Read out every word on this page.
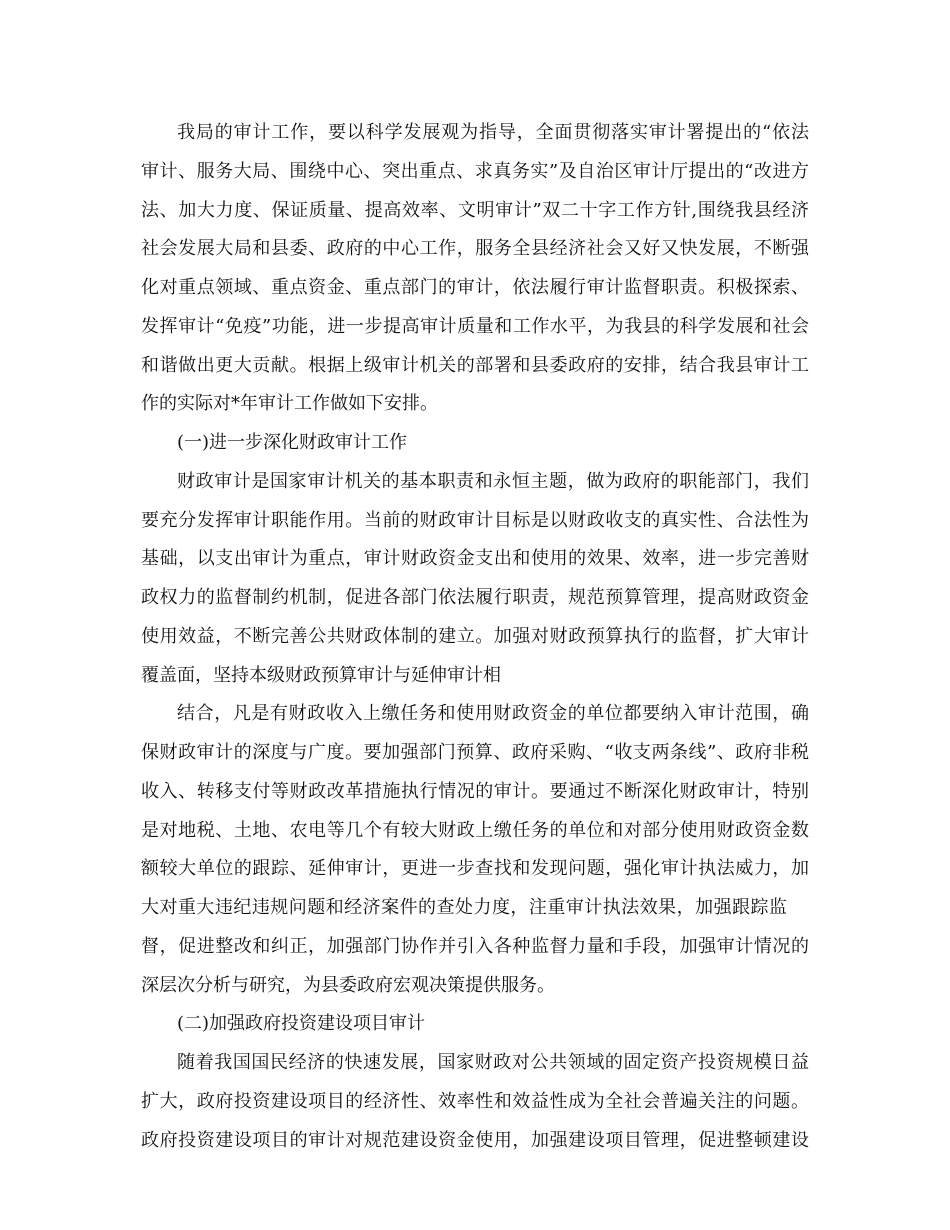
我局的审计工作，要以科学发展观为指导，全面贯彻落实审计署提出的“依法
审计、服务大局、围绕中心、突出重点、求真务实”及自治区审计厅提出的“改进方
法、加大力度、保证质量、提高效率、文明审计”双二十字工作方针,围绕我县经济
社会发展大局和县委、政府的中心工作，服务全县经济社会又好又快发展，不断强
化对重点领域、重点资金、重点部门的审计，依法履行审计监督职责。积极探索、
发挥审计“免疫”功能，进一步提高审计质量和工作水平，为我县的科学发展和社会
和谐做出更大贡献。根据上级审计机关的部署和县委政府的安排，结合我县审计工
作的实际对*年审计工作做如下安排。
(一)进一步深化财政审计工作
财政审计是国家审计机关的基本职责和永恒主题，做为政府的职能部门，我们
要充分发挥审计职能作用。当前的财政审计目标是以财政收支的真实性、合法性为
基础，以支出审计为重点，审计财政资金支出和使用的效果、效率，进一步完善财
政权力的监督制约机制，促进各部门依法履行职责，规范预算管理，提高财政资金
使用效益，不断完善公共财政体制的建立。加强对财政预算执行的监督，扩大审计
覆盖面，坚持本级财政预算审计与延伸审计相
结合，凡是有财政收入上缴任务和使用财政资金的单位都要纳入审计范围，确
保财政审计的深度与广度。要加强部门预算、政府采购、“收支两条线”、政府非税
收入、转移支付等财政改革措施执行情况的审计。要通过不断深化财政审计，特别
是对地税、土地、农电等几个有较大财政上缴任务的单位和对部分使用财政资金数
额较大单位的跟踪、延伸审计，更进一步查找和发现问题，强化审计执法威力，加
大对重大违纪违规问题和经济案件的查处力度，注重审计执法效果，加强跟踪监
督，促进整改和纠正，加强部门协作并引入各种监督力量和手段，加强审计情况的
深层次分析与研究，为县委政府宏观决策提供服务。
(二)加强政府投资建设项目审计
随着我国国民经济的快速发展，国家财政对公共领域的固定资产投资规模日益
扩大，政府投资建设项目的经济性、效率性和效益性成为全社会普遍关注的问题。
政府投资建设项目的审计对规范建设资金使用，加强建设项目管理，促进整顿建设
